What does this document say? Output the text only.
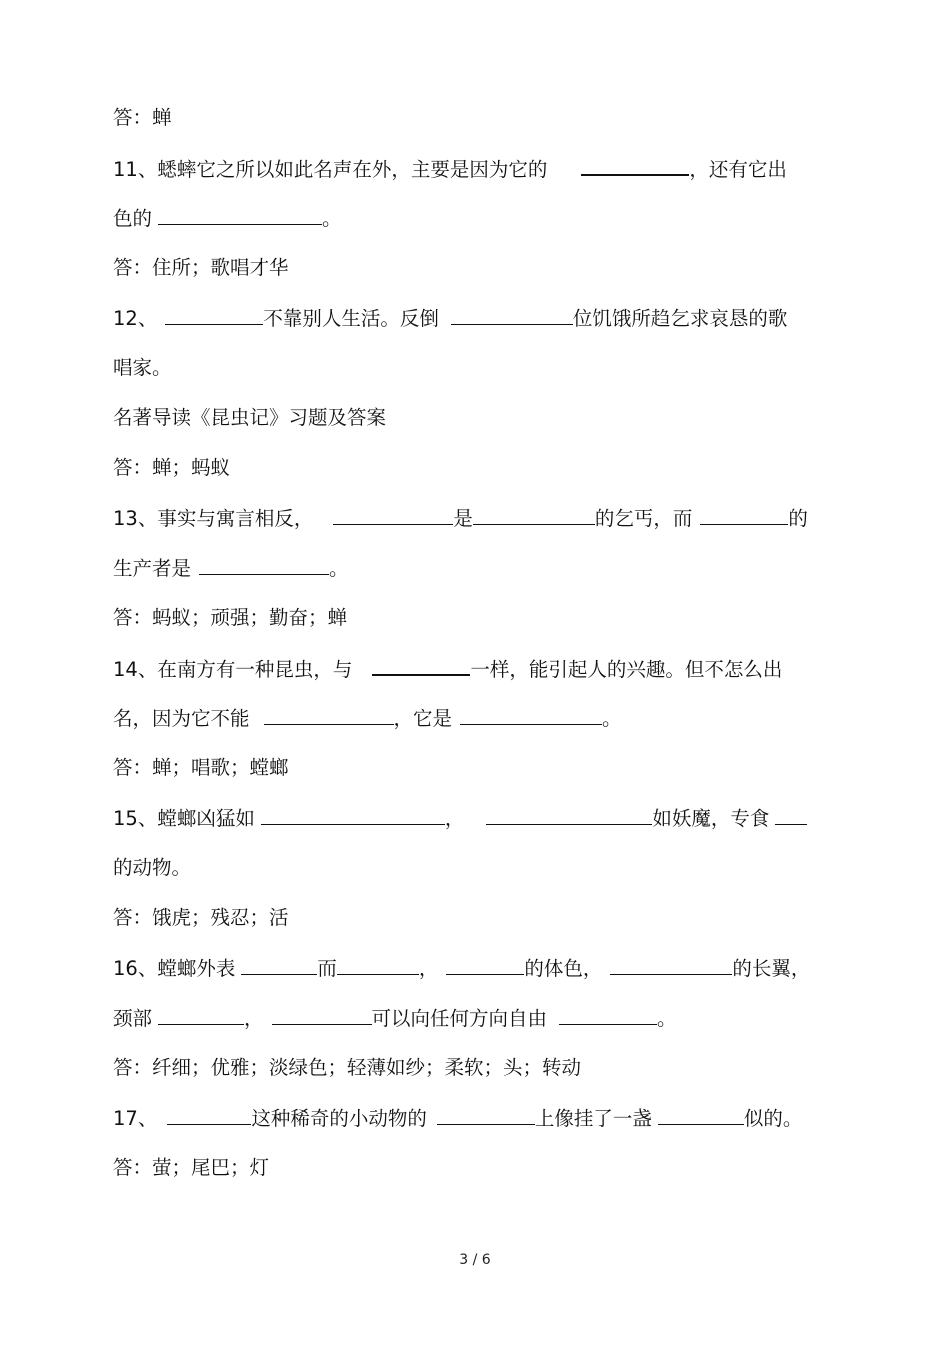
答：蝉
11、蟋蟀它之所以如此名声在外，主要是因为它的	，还有它出
色的	。
答：住所；歌唱才华
12、	不靠别人生活。反倒	位饥饿所趋乞求哀恳的歌
唱家。
名著导读《昆虫记》习题及答案
答：蝉；蚂蚁
13、事实与寓言相反，	是	的乞丐，而	的
生产者是	。
答：蚂蚁；顽强；勤奋；蝉
14、在南方有一种昆虫，与	一样，能引起人的兴趣。但不怎么出
名，因为它不能	，它是	。
答：蝉；唱歌；螳螂
15、螳螂凶猛如	，	如妖魔，专食
的动物。
答：饿虎；残忍；活
16、螳螂外表	而	，	的体色，	的长翼，
颈部	，	可以向任何方向自由	。
答：纤细；优雅；淡绿色；轻薄如纱；柔软；头；转动
17、	这种稀奇的小动物的	上像挂了一盏	似的。
答：萤；尾巴；灯
3 / 6
